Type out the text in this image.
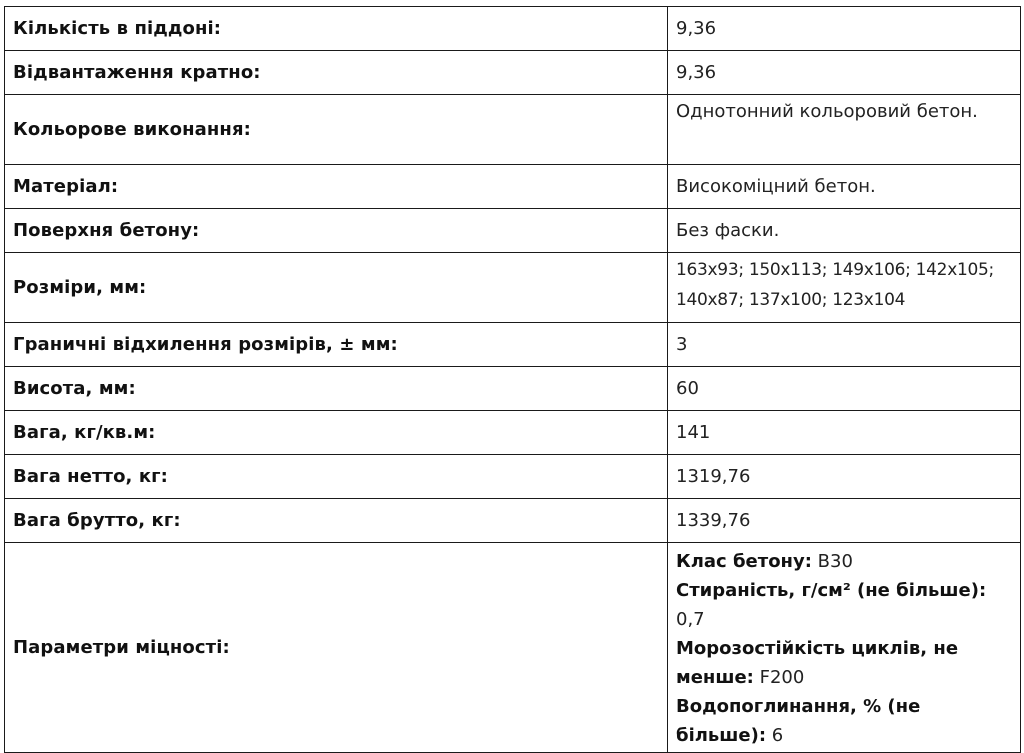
Кількість в піддоні:	9,36
Відвантаження кратно:	9,36
Кольорове виконання:	Однотонний кольоровий бетон.
Матеріал:	Високоміцний бетон.
Поверхня бетону:	Без фаски.
Розміри, мм:	163x93; 150x113; 149x106; 142x105; 140x87; 137x100; 123x104
Граничні відхилення розмірів, ± мм:	3
Висота, мм:	60
Вага, кг/кв.м:	141
Вага нетто, кг:	1319,76
Вага брутто, кг:	1339,76
Параметри міцності:	Клас бетону: B30
Стираність, г/см² (не більше): 0,7
Морозостійкість циклів, не менше: F200
Водопоглинання, % (не більше): 6
